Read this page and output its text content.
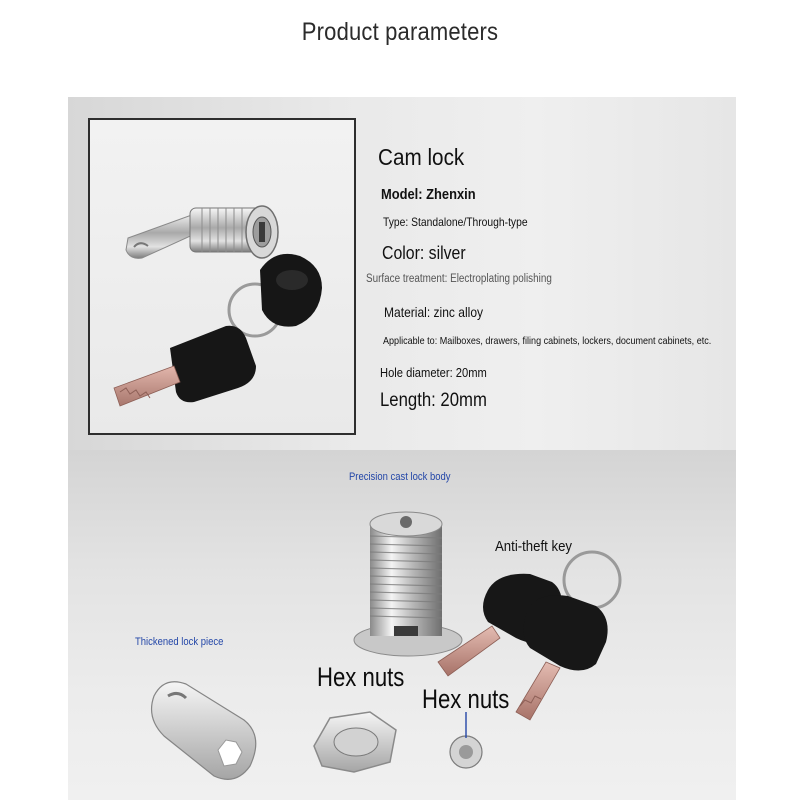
Product parameters
Cam lock
Model: Zhenxin
Type: Standalone/Through-type
Color: silver
Surface treatment: Electroplating polishing
Material: zinc alloy
Applicable to: Mailboxes, drawers, filing cabinets, lockers, document cabinets, etc.
Hole diameter: 20mm
Length: 20mm
Precision cast lock body
Anti-theft key
Thickened lock piece
Hex nuts
Hex nuts
